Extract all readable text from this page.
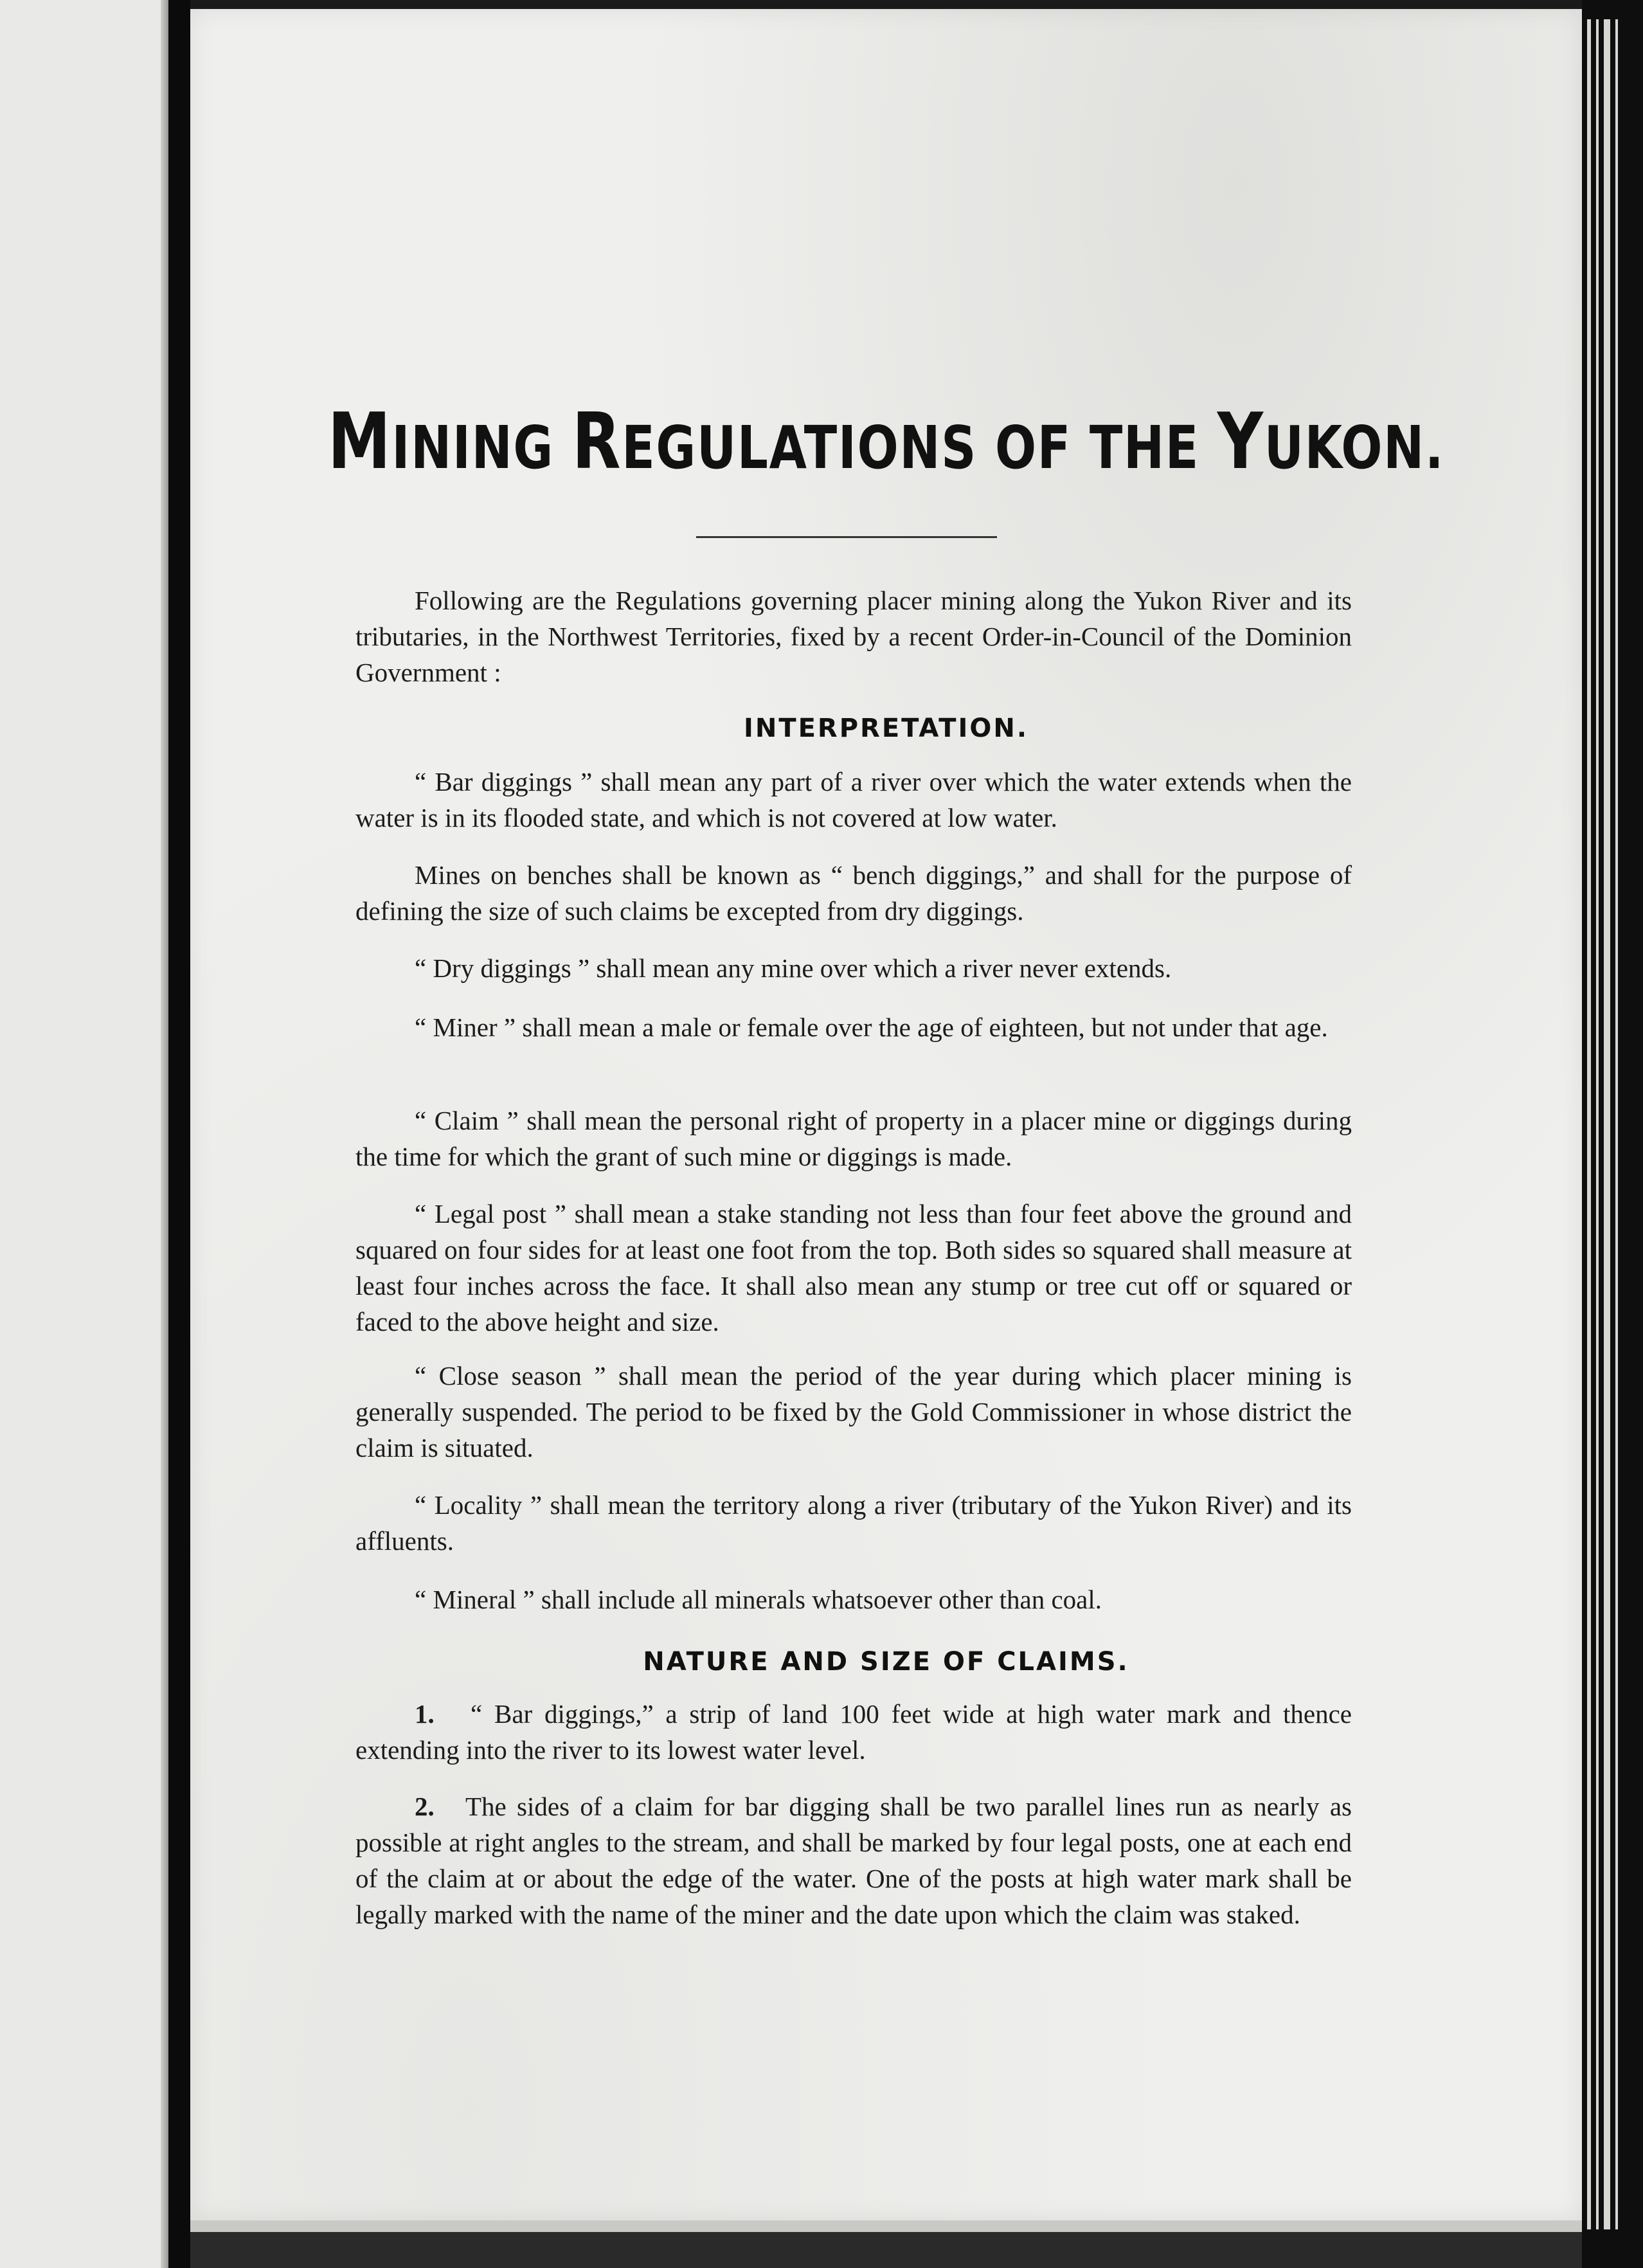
MINING REGULATIONS OF THE YUKON.

Following are the Regulations governing placer mining along the Yukon River and its tributaries, in the Northwest Territories, fixed by a recent Order-in-Council of the Dominion Government :

INTERPRETATION.

“ Bar diggings ” shall mean any part of a river over which the water extends when the water is in its flooded state, and which is not covered at low water.

Mines on benches shall be known as “ bench diggings,” and shall for the purpose of defining the size of such claims be excepted from dry diggings.

“ Dry diggings ” shall mean any mine over which a river never extends.

“ Miner ” shall mean a male or female over the age of eighteen, but not under that age.

“ Claim ” shall mean the personal right of property in a placer mine or diggings during the time for which the grant of such mine or diggings is made.

“ Legal post ” shall mean a stake standing not less than four feet above the ground and squared on four sides for at least one foot from the top. Both sides so squared shall measure at least four inches across the face. It shall also mean any stump or tree cut off or squared or faced to the above height and size.

“ Close season ” shall mean the period of the year during which placer mining is generally suspended. The period to be fixed by the Gold Commissioner in whose district the claim is situated.

“ Locality ” shall mean the territory along a river (tributary of the Yukon River) and its affluents.

“ Mineral ” shall include all minerals whatsoever other than coal.

NATURE AND SIZE OF CLAIMS.

1. “ Bar diggings,” a strip of land 100 feet wide at high water mark and thence extending into the river to its lowest water level.

2. The sides of a claim for bar digging shall be two parallel lines run as nearly as possible at right angles to the stream, and shall be marked by four legal posts, one at each end of the claim at or about the edge of the water. One of the posts at high water mark shall be legally marked with the name of the miner and the date upon which the claim was staked.
